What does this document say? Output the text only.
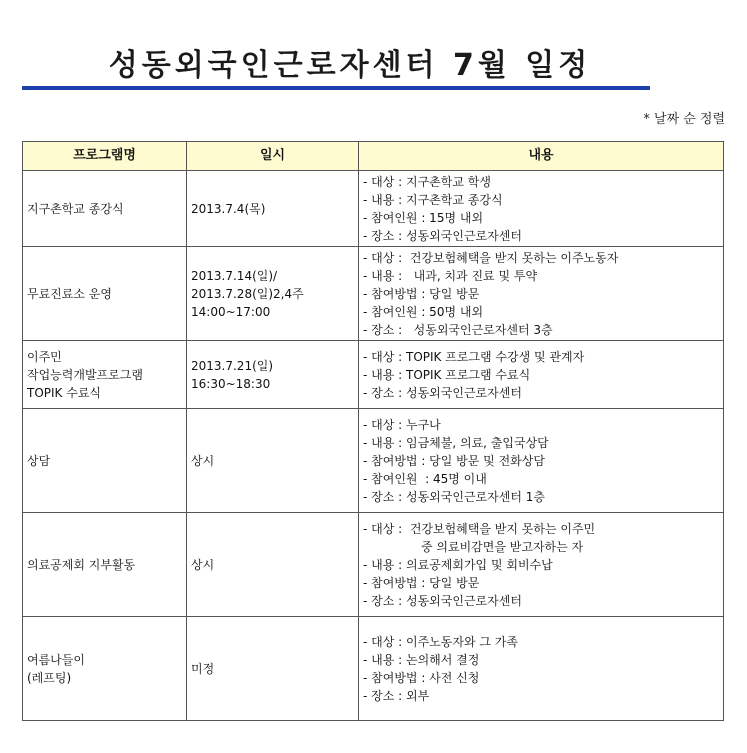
성동외국인근로자센터 7월 일정
* 날짜 순 정렬
프로그램명	일시	내용

지구촌학교 종강식	2013.7.4(목)	- 대상 : 지구촌학교 학생
- 내용 : 지구촌학교 종강식
- 참여인원 : 15명 내외
- 장소 : 성동외국인근로자센터

무료진료소 운영	2013.7.14(일)/
2013.7.28(일)2,4주
14:00~17:00	- 대상 :  건강보험혜택을 받지 못하는 이주노동자
- 내용 :   내과, 치과 진료 및 투약
- 참여방법 : 당일 방문
- 참여인원 : 50명 내외
- 장소 :   성동외국인근로자센터 3층

이주민
작업능력개발프로그램
TOPIK 수료식	2013.7.21(일)
16:30~18:30	- 대상 : TOPIK 프로그램 수강생 및 관계자
- 내용 : TOPIK 프로그램 수료식
- 장소 : 성동외국인근로자센터

상담	상시	- 대상 : 누구나
- 내용 : 임금체불, 의료, 출입국상담
- 참여방법 : 당일 방문 및 전화상담
- 참여인원  : 45명 이내
- 장소 : 성동외국인근로자센터 1층

의료공제회 지부활동	상시	- 대상 :  건강보험혜택을 받지 못하는 이주민
중 의료비감면을 받고자하는 자
- 내용 : 의료공제회가입 및 회비수납
- 참여방법 : 당일 방문
- 장소 : 성동외국인근로자센터

여름나들이
(레프팅)	미정	- 대상 : 이주노동자와 그 가족
- 내용 : 논의해서 결정
- 참여방법 : 사전 신청
- 장소 : 외부
